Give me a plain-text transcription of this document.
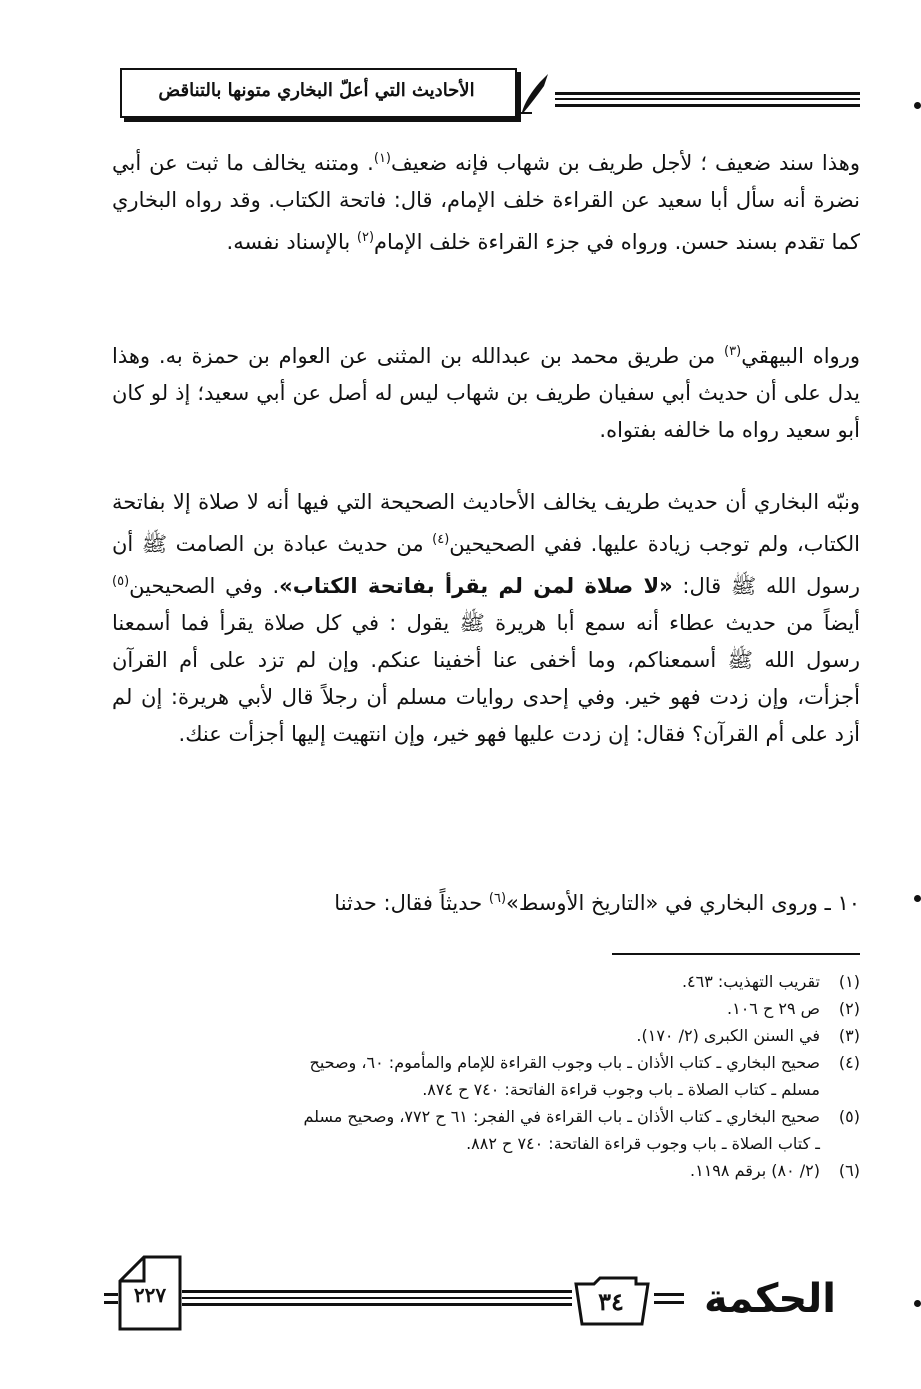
الأحاديث التي أعلّ البخاري متونها بالتناقض
وهذا سند ضعيف ؛ لأجل طريف بن شهاب فإنه ضعيف$^{(١)}$. ومتنه يخالف ما ثبت عن أبي نضرة أنه سأل أبا سعيد عن القراءة خلف الإمام، قال: فاتحة الكتاب. وقد رواه البخاري كما تقدم بسند حسن. ورواه في جزء القراءة خلف الإمام$^{(٢)}$ بالإسناد نفسه.
ورواه البيهقي$^{(٣)}$ من طريق محمد بن عبدالله بن المثنى عن العوام بن حمزة به. وهذا يدل على أن حديث أبي سفيان طريف بن شهاب ليس له أصل عن أبي سعيد؛ إذ لو كان أبو سعيد رواه ما خالفه بفتواه.
ونبّه البخاري أن حديث طريف يخالف الأحاديث الصحيحة التي فيها أنه لا صلاة إلا بفاتحة الكتاب، ولم توجب زيادة عليها. ففي الصحيحين$^{(٤)}$ من حديث عبادة بن الصامت ﷺ أن رسول الله ﷺ قال: «لا صلاة لمن لم يقرأ بفاتحة الكتاب». وفي الصحيحين$^{(٥)}$ أيضاً من حديث عطاء أنه سمع أبا هريرة ﷺ يقول : في كل صلاة يقرأ فما أسمعنا رسول الله ﷺ أسمعناكم، وما أخفى عنا أخفينا عنكم. وإن لم تزد على أم القرآن أجزأت، وإن زدت فهو خير. وفي إحدى روايات مسلم أن رجلاً قال لأبي هريرة: إن لم أزد على أم القرآن؟ فقال: إن زدت عليها فهو خير، وإن انتهيت إليها أجزأت عنك.
١٠ ـ وروى البخاري في «التاريخ الأوسط»$^{(٦)}$ حديثاً فقال: حدثنا
(١)تقريب التهذيب: ٤٦٣.
(٢)ص ٢٩ ح ١٠٦.
(٣)في السنن الكبرى (٢/ ١٧٠).
(٤)صحيح البخاري ـ كتاب الأذان ـ باب وجوب القراءة للإمام والمأموم: ٦٠، وصحيح
مسلم ـ كتاب الصلاة ـ باب وجوب قراءة الفاتحة: ٧٤٠ ح ٨٧٤.
(٥)صحيح البخاري ـ كتاب الأذان ـ باب القراءة في الفجر: ٦١ ح ٧٧٢، وصحيح مسلم
ـ كتاب الصلاة ـ باب وجوب قراءة الفاتحة: ٧٤٠ ح ٨٨٢.
(٦)(٢/ ٨٠) برقم ١١٩٨.
٢٢٧	٣٤	الحكمة
